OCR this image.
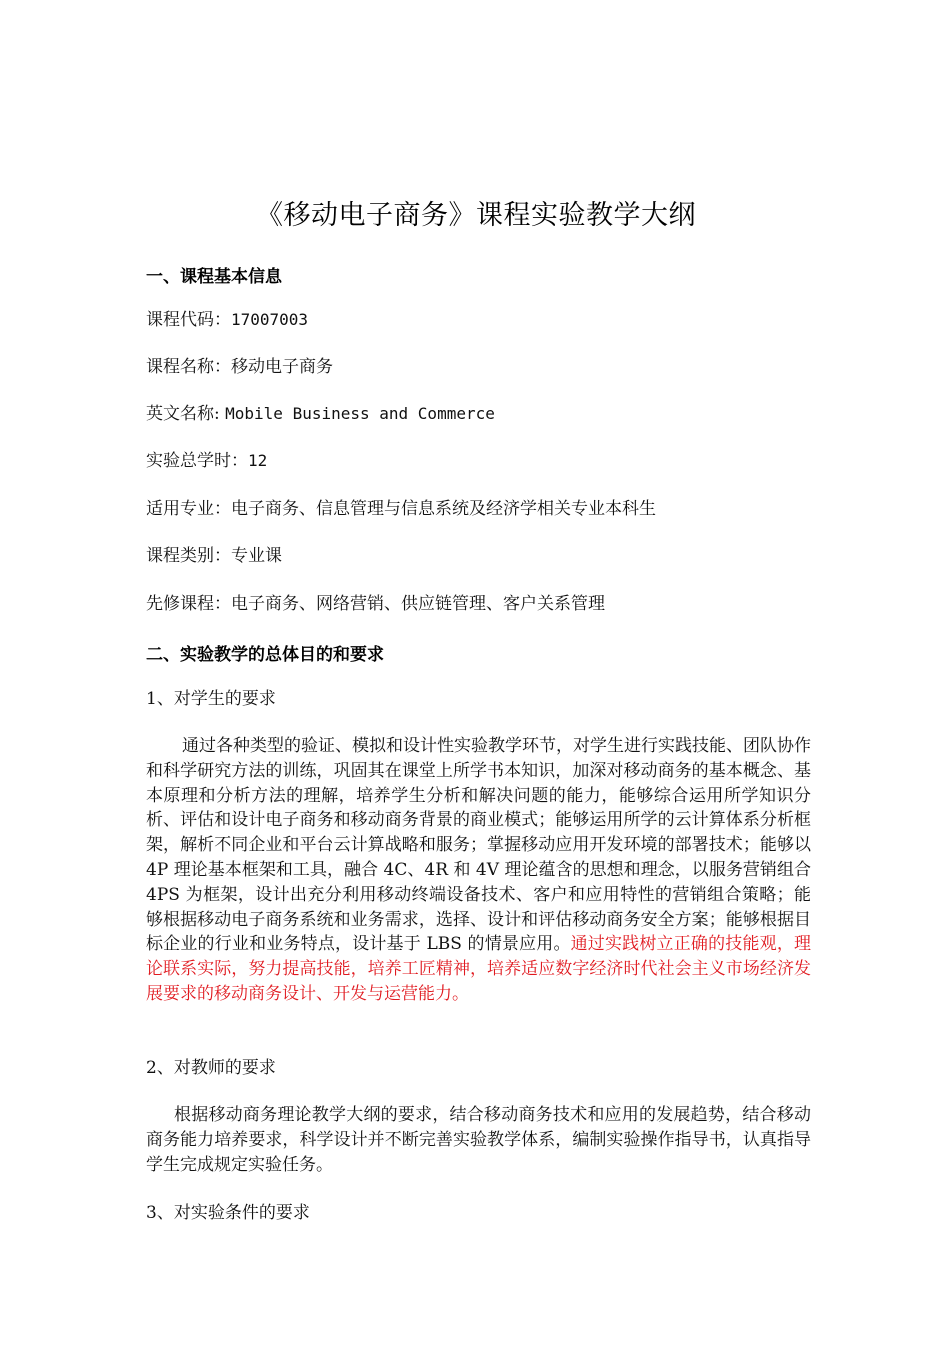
《移动电子商务》课程实验教学大纲
一、课程基本信息
课程代码：17007003
课程名称：移动电子商务
英文名称: Mobile Business and Commerce
实验总学时：12
适用专业：电子商务、信息管理与信息系统及经济学相关专业本科生
课程类别：专业课
先修课程：电子商务、网络营销、供应链管理、客户关系管理
二、实验教学的总体目的和要求
1、对学生的要求
通过各种类型的验证、模拟和设计性实验教学环节，对学生进行实践技能、团队协作和科学研究方法的训练，巩固其在课堂上所学书本知识，加深对移动商务的基本概念、基本原理和分析方法的理解，培养学生分析和解决问题的能力，能够综合运用所学知识分析、评估和设计电子商务和移动商务背景的商业模式；能够运用所学的云计算体系分析框架，解析不同企业和平台云计算战略和服务；掌握移动应用开发环境的部署技术；能够以 4P 理论基本框架和工具，融合 4C、4R 和 4V 理论蕴含的思想和理念，以服务营销组合 4PS 为框架，设计出充分利用移动终端设备技术、客户和应用特性的营销组合策略；能够根据移动电子商务系统和业务需求，选择、设计和评估移动商务安全方案；能够根据目标企业的行业和业务特点，设计基于 LBS 的情景应用。通过实践树立正确的技能观，理论联系实际，努力提高技能，培养工匠精神，培养适应数字经济时代社会主义市场经济发展要求的移动商务设计、开发与运营能力。
2、对教师的要求
根据移动商务理论教学大纲的要求，结合移动商务技术和应用的发展趋势，结合移动商务能力培养要求，科学设计并不断完善实验教学体系，编制实验操作指导书，认真指导学生完成规定实验任务。
3、对实验条件的要求
